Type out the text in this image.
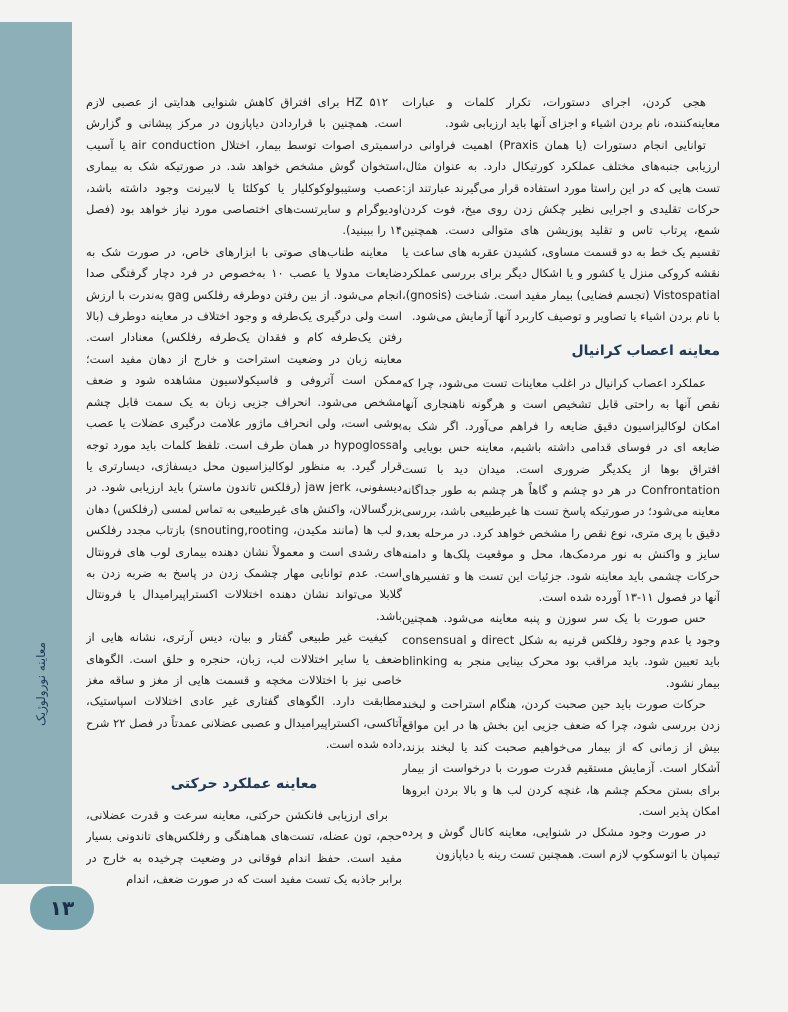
معاینه نورولوژیک
۱۳

هجی کردن، اجرای دستورات، تکرار کلمات و عبارات معاینه‌کننده، نام بردن اشیاء و اجزای آنها باید ارزیابی شود.

توانایی انجام دستورات (یا همان Praxis) اهمیت فراوانی در ارزیابی جنبه‌های مختلف عملکرد کورتیکال دارد. به عنوان مثال، تست هایی که در این راستا مورد استفاده قرار می‌گیرند عبارتند از: حرکات تقلیدی و اجرایی نظیر چکش زدن روی میخ، فوت کردن شمع، پرتاب تاس و تقلید پوزیشن های متوالی دست. همچنین تقسیم یک خط به دو قسمت مساوی، کشیدن عقربه های ساعت یا نقشه کروکی منزل یا کشور و یا اشکال دیگر برای بررسی عملکرد Vistospatial (تجسم فضایی) بیمار مفید است. شناخت (gnosis)، با نام بردن اشیاء یا تصاویر و توصیف کاربرد آنها آزمایش می‌شود.

معاینه اعصاب کرانیال

عملکرد اعصاب کرانیال در اغلب معاینات تست می‌شود، چرا که نقص آنها به راحتی قابل تشخیص است و هرگونه ناهنجاری آنها امکان لوکالیزاسیون دقیق ضایعه را فراهم می‌آورد. اگر شک به ضایعه ای در فوسای قدامی داشته باشیم، معاینه حس بویایی و افتراق بوها از یکدیگر ضروری است. میدان دید با تست Confrontation در هر دو چشم و گاهاً هر چشم به طور جداگانه معاینه می‌شود؛ در صورتیکه پاسخ تست ها غیرطبیعی باشد، بررسی دقیق با پری متری، نوع نقص را مشخص خواهد کرد. در مرحله بعد، سایز و واکنش به نور مردمک‌ها، محل و موقعیت پلک‌ها و دامنه حرکات چشمی باید معاینه شود. جزئیات این تست ها و تفسیرهای آنها در فصول ۱۱-۱۳ آورده شده است.

حس صورت با یک سر سوزن و پنبه معاینه می‌شود. همچنین وجود یا عدم وجود رفلکس قرنیه به شکل direct و consensual باید تعیین شود. باید مراقب بود محرک بینایی منجر به blinking بیمار نشود.

حرکات صورت باید حین صحبت کردن، هنگام استراحت و لبخند زدن بررسی شود، چرا که ضعف جزیی این بخش ها در این مواقع بیش از زمانی که از بیمار می‌خواهیم صحبت کند یا لبخند بزند، آشکار است. آزمایش مستقیم قدرت صورت با درخواست از بیمار برای بستن محکم چشم ها، غنچه کردن لب ها و بالا بردن ابروها امکان پذیر است.

در صورت وجود مشکل در شنوایی، معاینه کانال گوش و پرده تیمپان با اتوسکوپ لازم است. همچنین تست رینه یا دیاپازون

۵۱۲ HZ برای افتراق کاهش شنوایی هدایتی از عصبی لازم است. همچنین با قراردادن دیاپازون در مرکز پیشانی و گزارش اسمیتری اصوات توسط بیمار، اختلال air conduction یا آسیب استخوان گوش مشخص خواهد شد. در صورتیکه شک به بیماری عصب وستیبولوکوکلیار یا کوکلئا یا لابیرنت وجود داشته باشد، اودیوگرام و سایرتست‌های اختصاصی مورد نیاز خواهد بود (فصل ۱۴ را ببینید).

معاینه طناب‌های صوتی با ابزارهای خاص، در صورت شک به ضایعات مدولا یا عصب ۱۰ به‌خصوص در فرد دچار گرفتگی صدا انجام می‌شود. از بین رفتن دوطرفه رفلکس gag به‌ندرت با ارزش است ولی درگیری یک‌طرفه و وجود اختلاف در معاینه دوطرف (بالا رفتن یک‌طرفه کام و فقدان یک‌طرفه رفلکس) معنادار است. معاینه زبان در وضعیت استراحت و خارج از دهان مفید است؛ ممکن است آتروفی و فاسیکولاسیون مشاهده شود و ضعف مشخص می‌شود. انحراف جزیی زبان به یک سمت قابل چشم پوشی است، ولی انحراف ماژور علامت درگیری عضلات یا عصب hypoglossal در همان طرف است. تلفظ کلمات باید مورد توجه قرار گیرد. به منظور لوکالیزاسیون محل دیسفاژی، دیسارتری یا دیسفونی، jaw jerk (رفلکس تاندون ماستر) باید ارزیابی شود. در بزرگسالان، واکنش های غیرطبیعی به تماس لمسی (رفلکس) دهان و لب ها (مانند مکیدن، snouting,rooting) بازتاب مجدد رفلکس های رشدی است و معمولاً نشان دهنده بیماری لوب های فرونتال است. عدم توانایی مهار چشمک زدن در پاسخ به ضربه زدن به گلابلا می‌تواند نشان دهنده اختلالات اکستراپیرامیدال یا فرونتال باشد.

کیفیت غیر طبیعی گفتار و بیان، دیس آرتری، نشانه هایی از ضعف یا سایر اختلالات لب، زبان، حنجره و حلق است. الگوهای خاصی نیز با اختلالات مخچه و قسمت هایی از مغز و ساقه مغز مطابقت دارد. الگوهای گفتاری غیر عادی اختلالات اسپاستیک، آتاکسی، اکستراپیرامیدال و عصبی عضلانی عمدتاً در فصل ۲۲ شرح داده شده است.

معاینه عملکرد حرکتی

برای ارزیابی فانکشن حرکتی، معاینه سرعت و قدرت عضلانی، حجم، تون عضله، تست‌های هماهنگی و رفلکس‌های تاندونی بسیار مفید است. حفظ اندام فوقانی در وضعیت چرخیده به خارج در برابر جاذبه یک تست مفید است که در صورت ضعف، اندام
